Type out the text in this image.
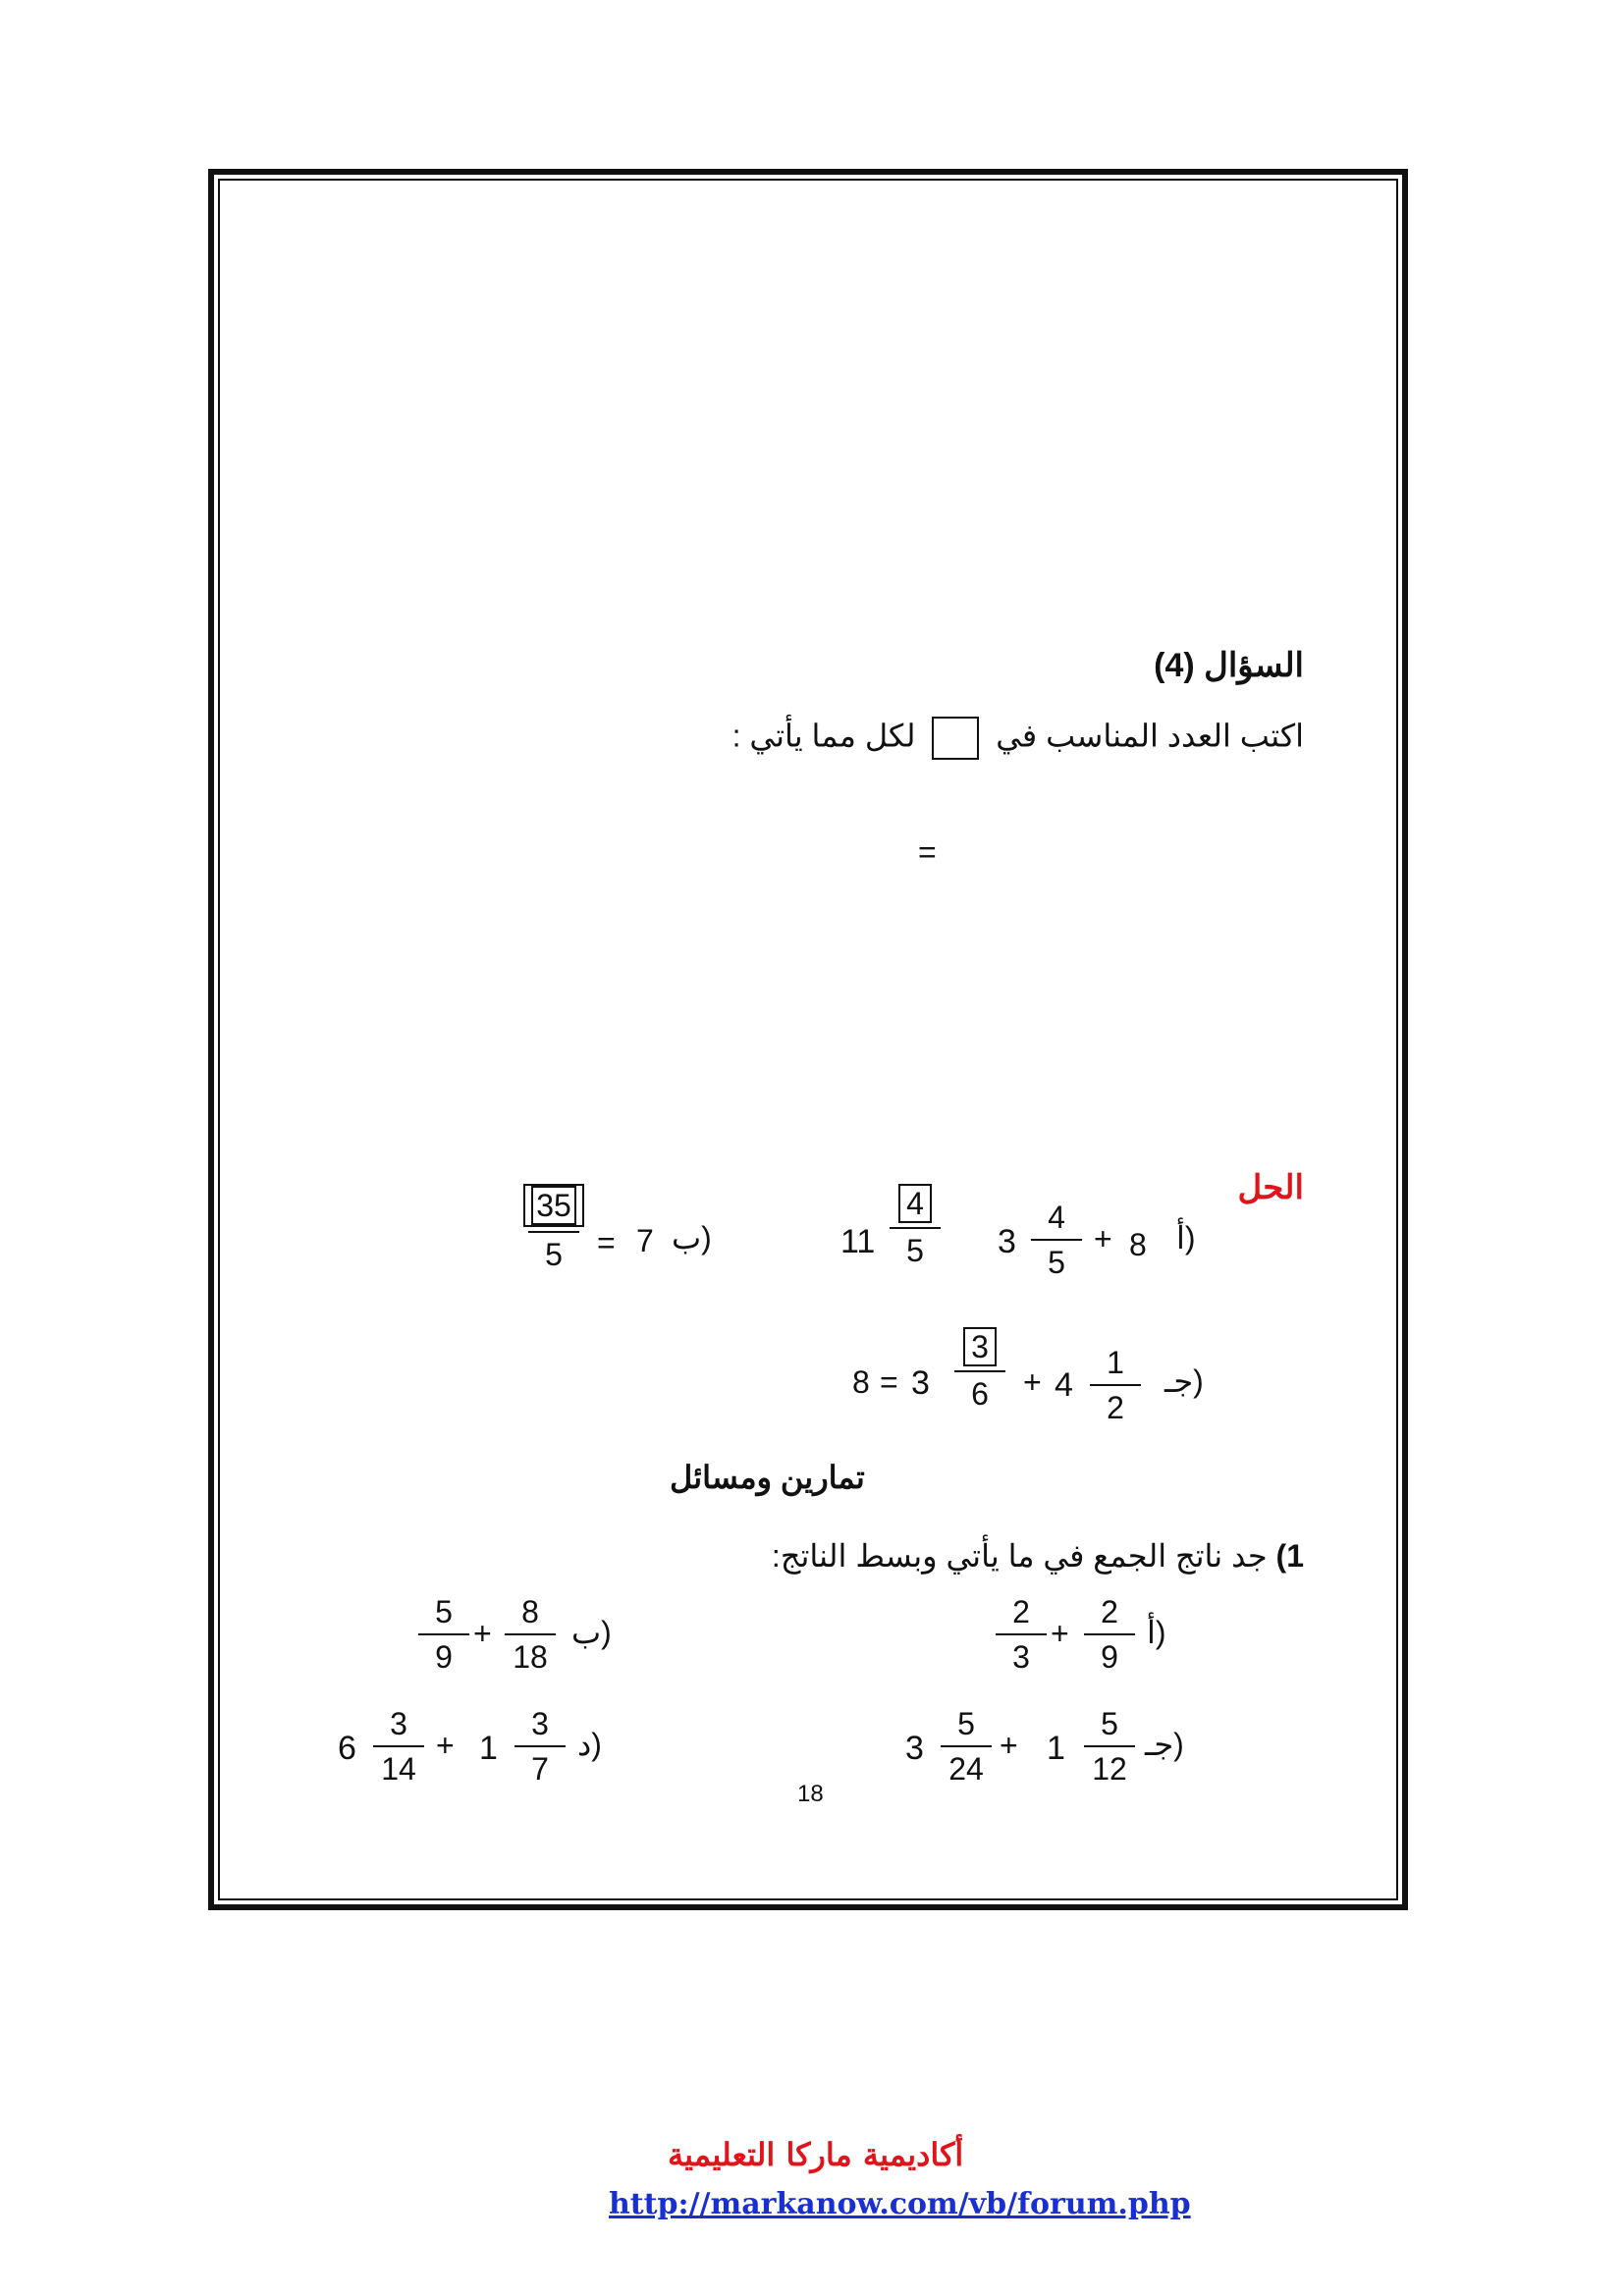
السؤال (4)
اكتب العدد المناسب في  لكل مما يأتي :
=
الحل
أ)
8
+
3
4
5
11
4
5
ب)
7
=
35
5
جـ)
1
2
4
+
3
6
3
=
8
تمارين ومسائل
1) جد ناتج الجمع في ما يأتي وبسط الناتج:
أ)
2
9
+
2
3
ب)
8
18
+
5
9
جـ)
5
12
1
+
5
24
3
د)
3
7
1
+
3
14
6
18
أكاديمية ماركا التعليمية
http://markanow.com/vb/forum.php
